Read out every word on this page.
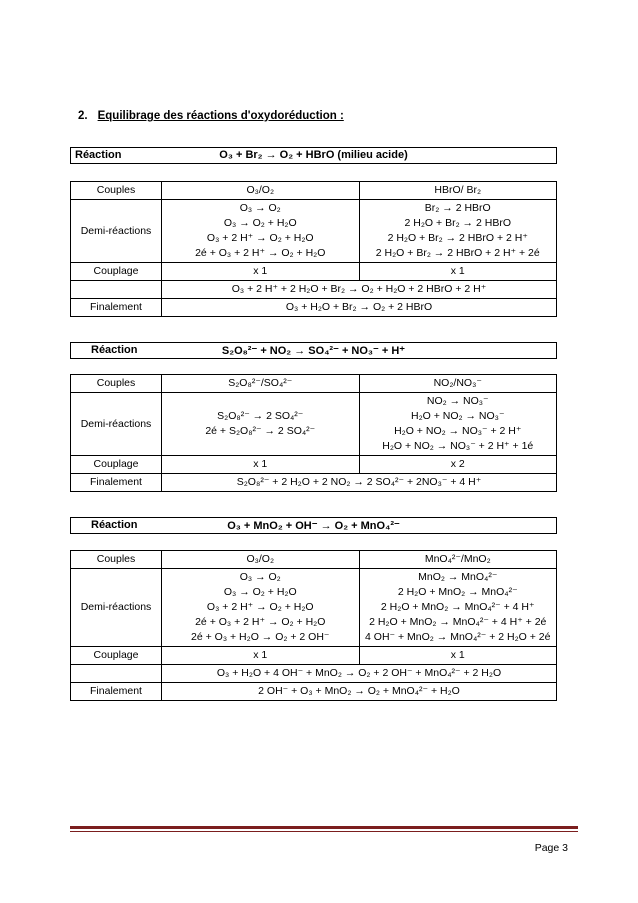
2. Equilibrage des réactions d'oxydoréduction :
Réaction	O₃ + Br₂ → O₂ + HBrO (milieu acide)
Couples	O₃/O₂	HBrO/ Br₂
Demi-réactions	O₃ → O₂
O₃ → O₂ + H₂O
O₃ + 2 H⁺ → O₂ + H₂O
2é + O₃ + 2 H⁺ → O₂ + H₂O	Br₂ → 2 HBrO
2 H₂O + Br₂ → 2 HBrO
2 H₂O + Br₂ → 2 HBrO + 2 H⁺
2 H₂O + Br₂ → 2 HBrO + 2 H⁺ + 2é

Couplage	x 1	x 1
	O₃ + 2 H⁺ + 2 H₂O + Br₂ → O₂ + H₂O + 2 HBrO + 2 H⁺	
Finalement	O₃ + H₂O + Br₂ → O₂ + 2 HBrO	
Réaction	S₂O₈²⁻ + NO₂ → SO₄²⁻ + NO₃⁻ + H⁺
Couples	S₂O₈²⁻/SO₄²⁻	NO₂/NO₃⁻
Demi-réactions	S₂O₈²⁻ → 2 SO₄²⁻
2é + S₂O₈²⁻ → 2 SO₄²⁻	NO₂ → NO₃⁻
H₂O + NO₂ → NO₃⁻
H₂O + NO₂ → NO₃⁻ + 2 H⁺
H₂O + NO₂ → NO₃⁻ + 2 H⁺ + 1é

Couplage	x 1	x 2
Finalement	S₂O₈²⁻ + 2 H₂O + 2 NO₂ → 2 SO₄²⁻ + 2NO₃⁻ + 4 H⁺	
Réaction	O₃ + MnO₂ + OH⁻ → O₂ + MnO₄²⁻
Couples	O₃/O₂	MnO₄²⁻/MnO₂
Demi-réactions	O₃ → O₂
O₃ → O₂ + H₂O
O₃ + 2 H⁺ → O₂ + H₂O
2é + O₃ + 2 H⁺ → O₂ + H₂O
2é + O₃ + H₂O → O₂ + 2 OH⁻	MnO₂ → MnO₄²⁻
2 H₂O + MnO₂ → MnO₄²⁻
2 H₂O + MnO₂ → MnO₄²⁻ + 4 H⁺
2 H₂O + MnO₂ → MnO₄²⁻ + 4 H⁺ + 2é
4 OH⁻ + MnO₂ → MnO₄²⁻ + 2 H₂O + 2é

Couplage	x 1	x 1
	O₃ + H₂O + 4 OH⁻ + MnO₂ → O₂ + 2 OH⁻ + MnO₄²⁻ + 2 H₂O	
Finalement	2 OH⁻ + O₃ + MnO₂ → O₂ + MnO₄²⁻ + H₂O	
Page 3
